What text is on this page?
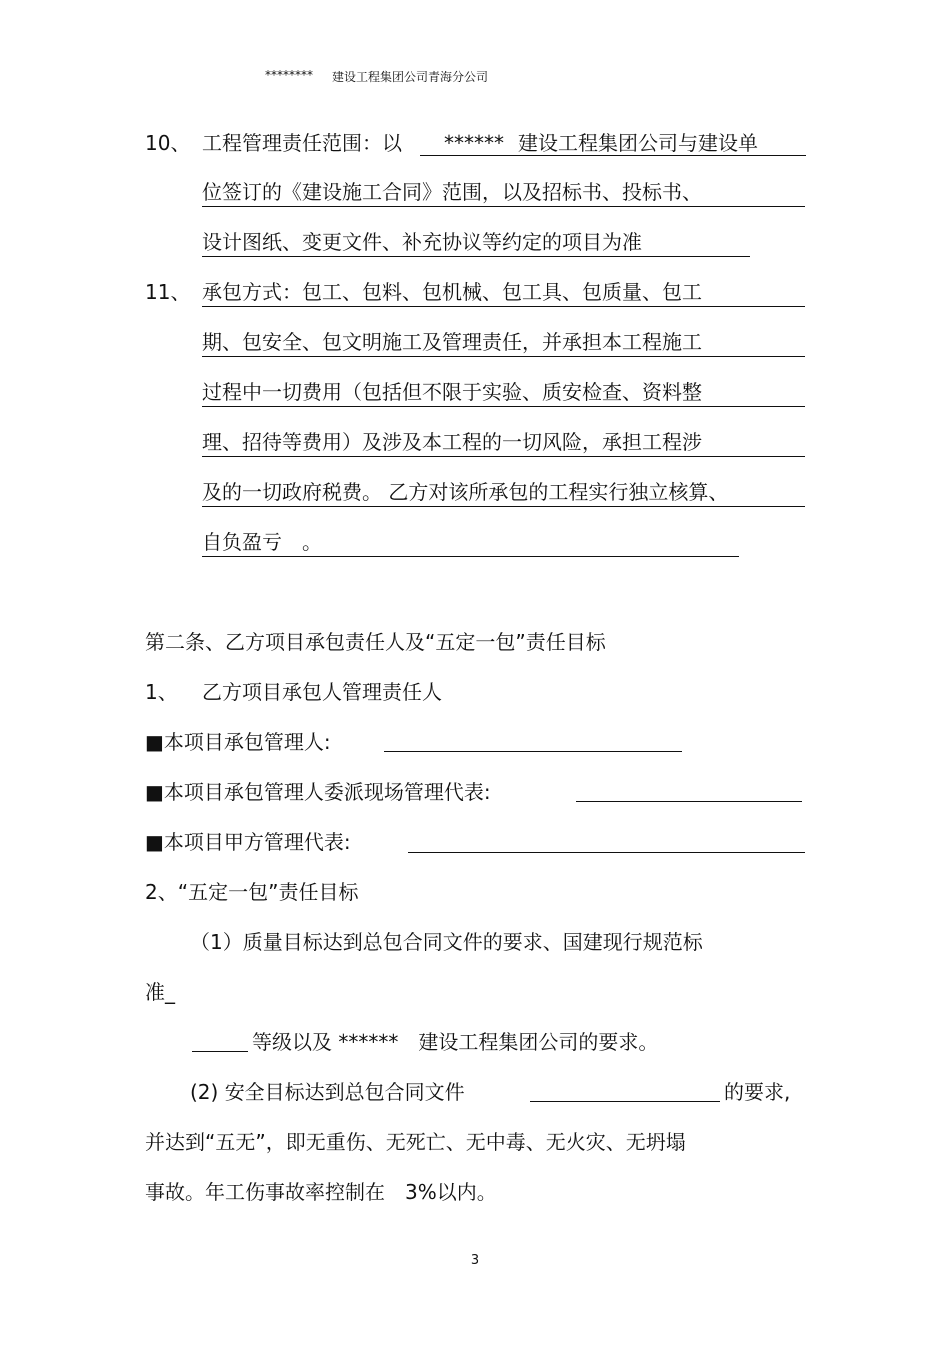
******** 建设工程集团公司青海分公司
10、 工程管理责任范围：以 ****** 建设工程集团公司与建设单
位签订的《建设施工合同》范围，以及招标书、投标书、
设计图纸、变更文件、补充协议等约定的项目为准
11、 承包方式：包工、包料、包机械、包工具、包质量、包工
期、包安全、包文明施工及管理责任，并承担本工程施工
过程中一切费用（包括但不限于实验、质安检查、资料整
理、招待等费用）及涉及本工程的一切风险，承担工程涉
及的一切政府税费。 乙方对该所承包的工程实行独立核算、
自负盈亏　。
第二条、乙方项目承包责任人及“五定一包”责任目标
1、 乙方项目承包人管理责任人
■本项目承包管理人:
■本项目承包管理人委派现场管理代表:
■本项目甲方管理代表:
2、“五定一包”责任目标
（1）质量目标达到总包合同文件的要求、国建现行规范标
准_
等级以及 ******　建设工程集团公司的要求。
(2) 安全目标达到总包合同文件	的要求,
并达到“五无”，即无重伤、无死亡、无中毒、无火灾、无坍塌
事故。年工伤事故率控制在　3%以内。
3
